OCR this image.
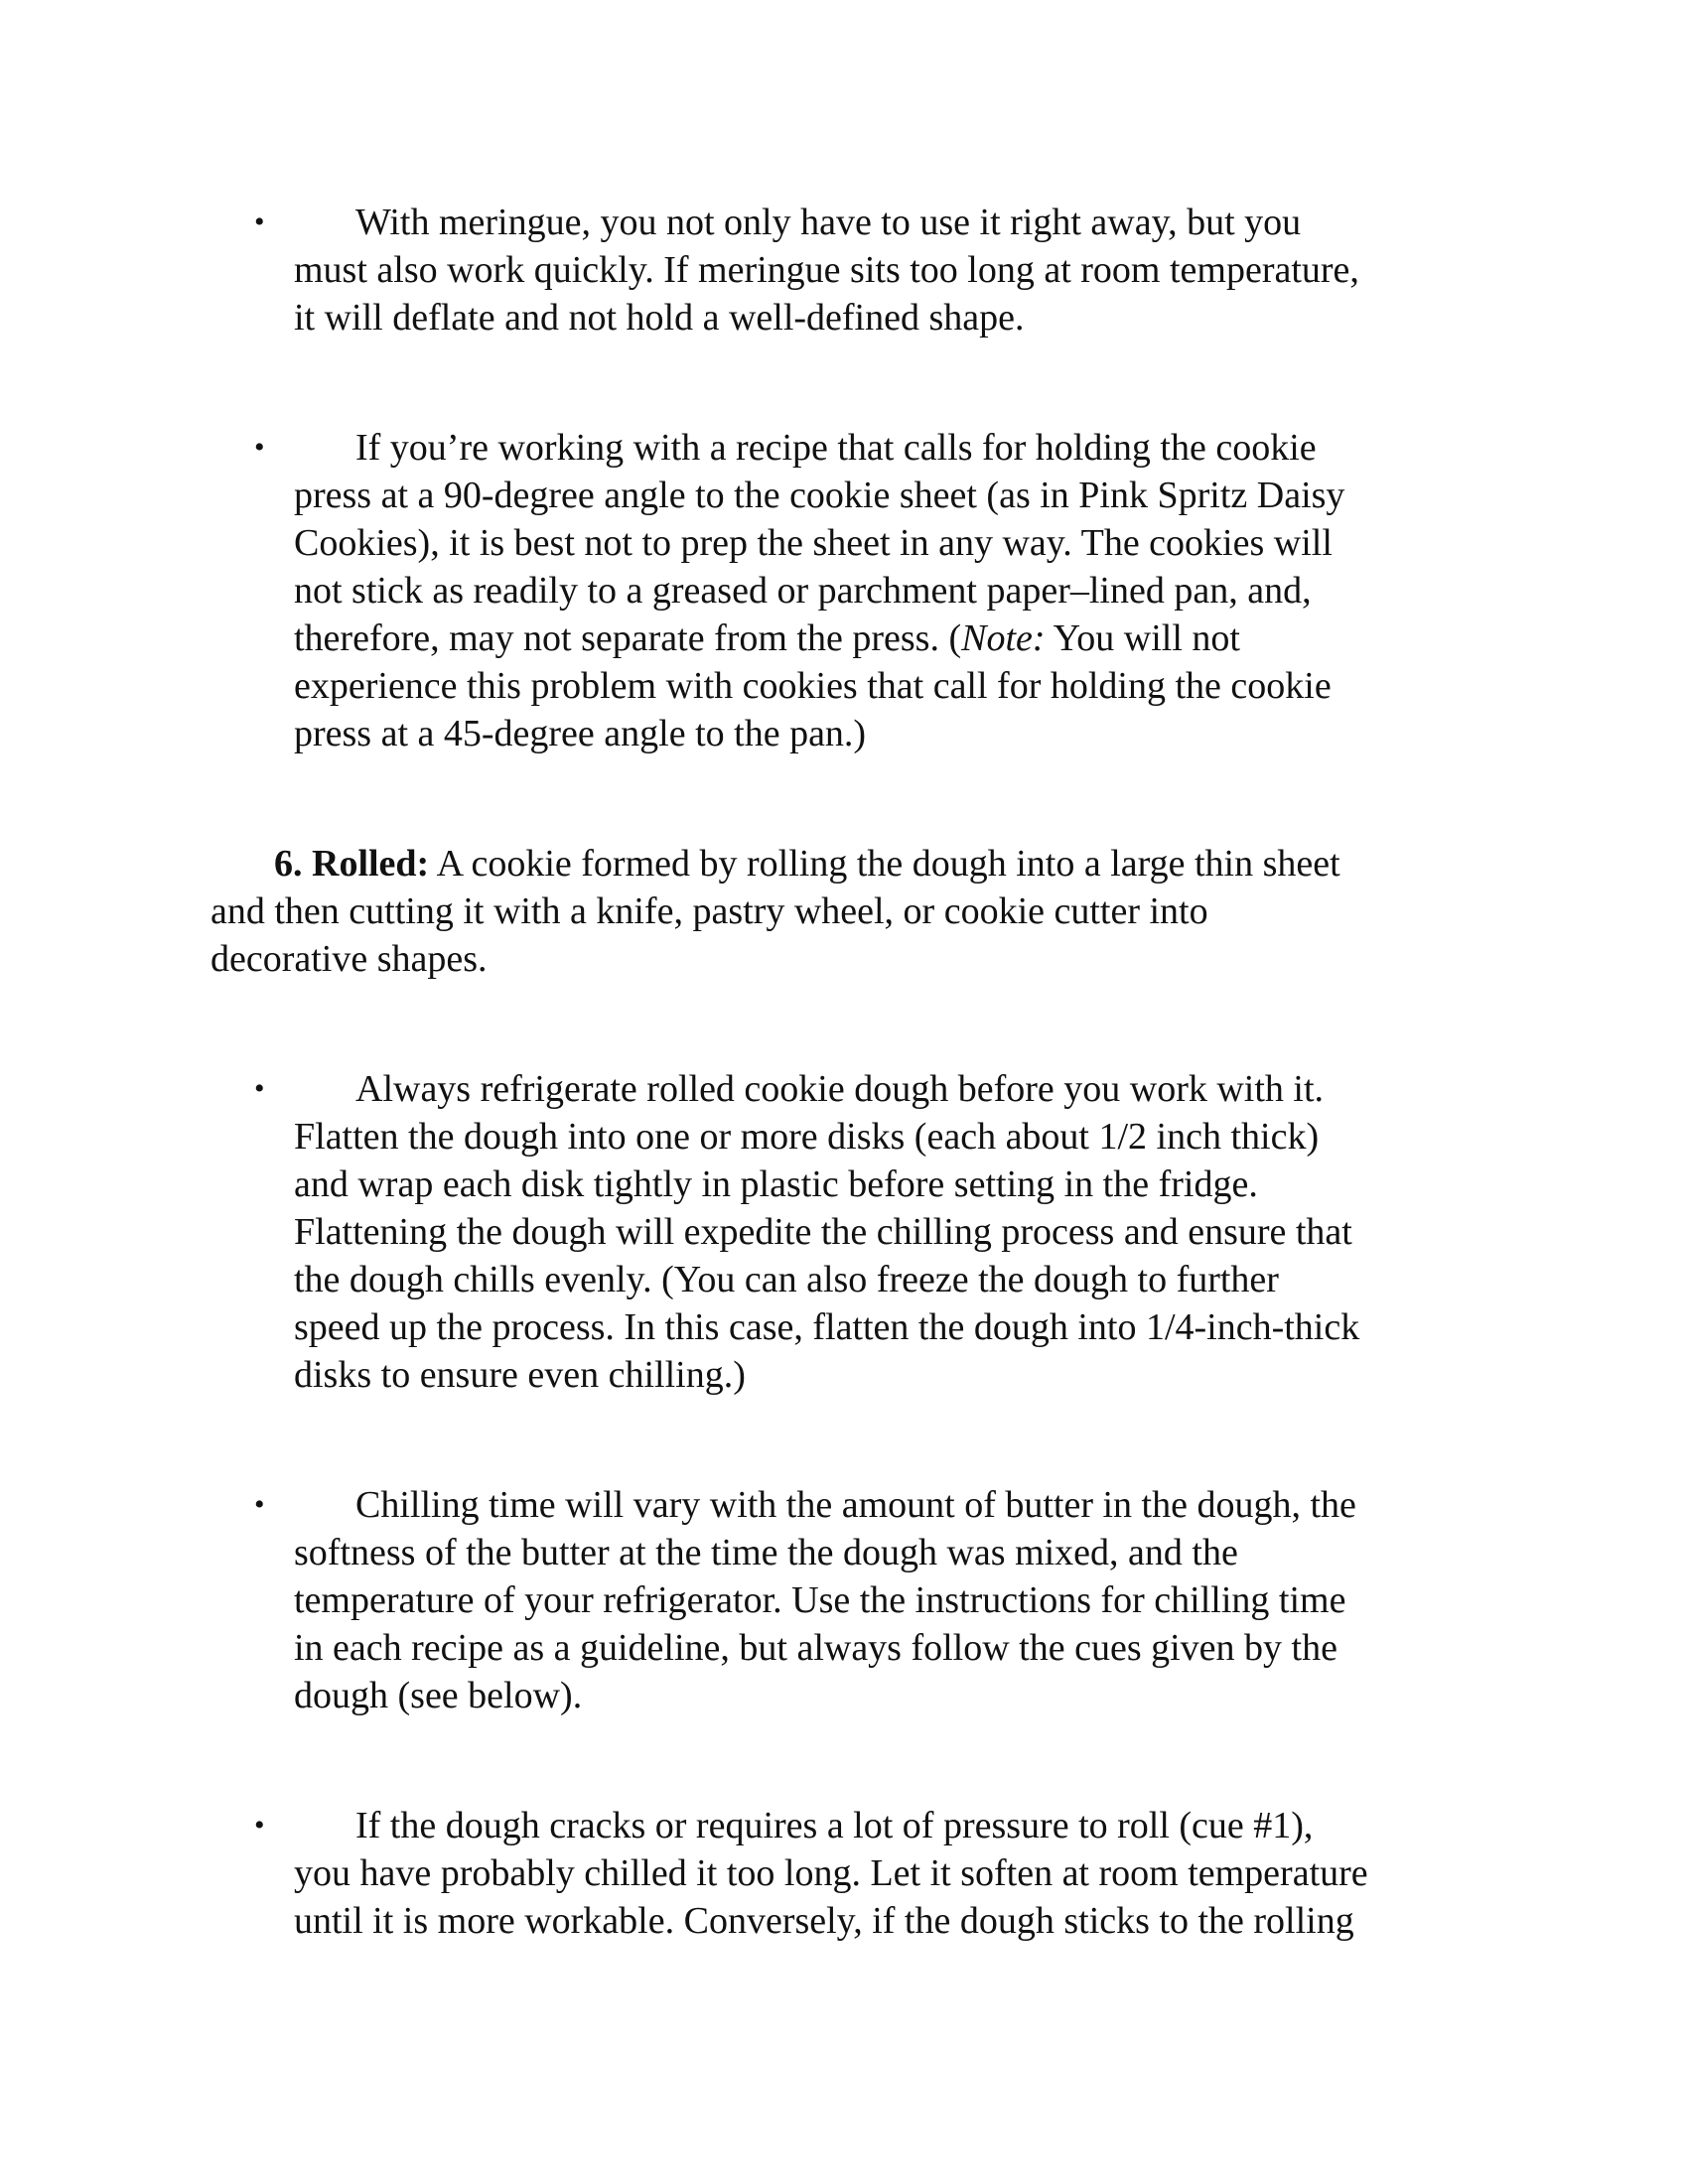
•	With meringue, you not only have to use it right away, but you
must also work quickly. If meringue sits too long at room temperature,
it will deflate and not hold a well-defined shape.
•	If you’re working with a recipe that calls for holding the cookie
press at a 90-degree angle to the cookie sheet (as in Pink Spritz Daisy
Cookies), it is best not to prep the sheet in any way. The cookies will
not stick as readily to a greased or parchment paper–lined pan, and,
therefore, may not separate from the press. (Note: You will not
experience this problem with cookies that call for holding the cookie
press at a 45-degree angle to the pan.)
6. Rolled: A cookie formed by rolling the dough into a large thin sheet
and then cutting it with a knife, pastry wheel, or cookie cutter into
decorative shapes.
•	Always refrigerate rolled cookie dough before you work with it.
Flatten the dough into one or more disks (each about 1/2 inch thick)
and wrap each disk tightly in plastic before setting in the fridge.
Flattening the dough will expedite the chilling process and ensure that
the dough chills evenly. (You can also freeze the dough to further
speed up the process. In this case, flatten the dough into 1/4-inch-thick
disks to ensure even chilling.)
•	Chilling time will vary with the amount of butter in the dough, the
softness of the butter at the time the dough was mixed, and the
temperature of your refrigerator. Use the instructions for chilling time
in each recipe as a guideline, but always follow the cues given by the
dough (see below).
•	If the dough cracks or requires a lot of pressure to roll (cue #1),
you have probably chilled it too long. Let it soften at room temperature
until it is more workable. Conversely, if the dough sticks to the rolling
